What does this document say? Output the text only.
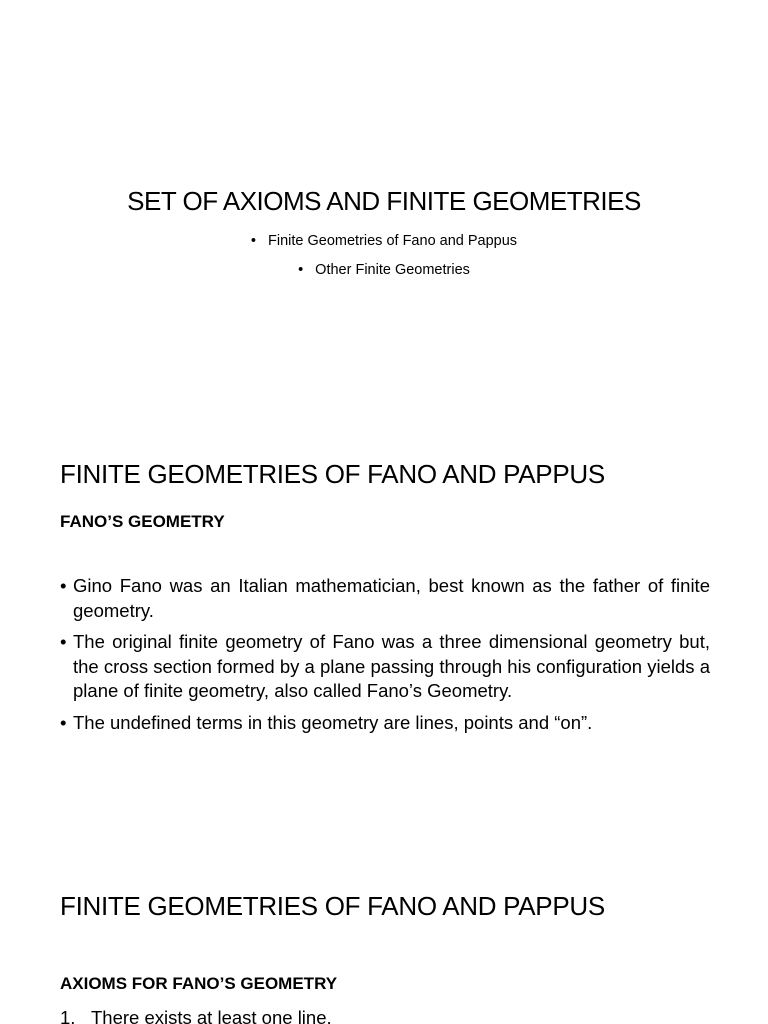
SET OF AXIOMS AND FINITE GEOMETRIES
• Finite Geometries of Fano and Pappus
• Other Finite Geometries
FINITE GEOMETRIES OF FANO AND PAPPUS
FANO’S GEOMETRY
• Gino Fano was an Italian mathematician, best known as the father of finite geometry.
• The original finite geometry of Fano was a three dimensional geometry but, the cross section formed by a plane passing through his configuration yields a plane of finite geometry, also called Fano’s Geometry.
• The undefined terms in this geometry are lines, points and “on”.
FINITE GEOMETRIES OF FANO AND PAPPUS
AXIOMS FOR FANO’S GEOMETRY
1. There exists at least one line.
